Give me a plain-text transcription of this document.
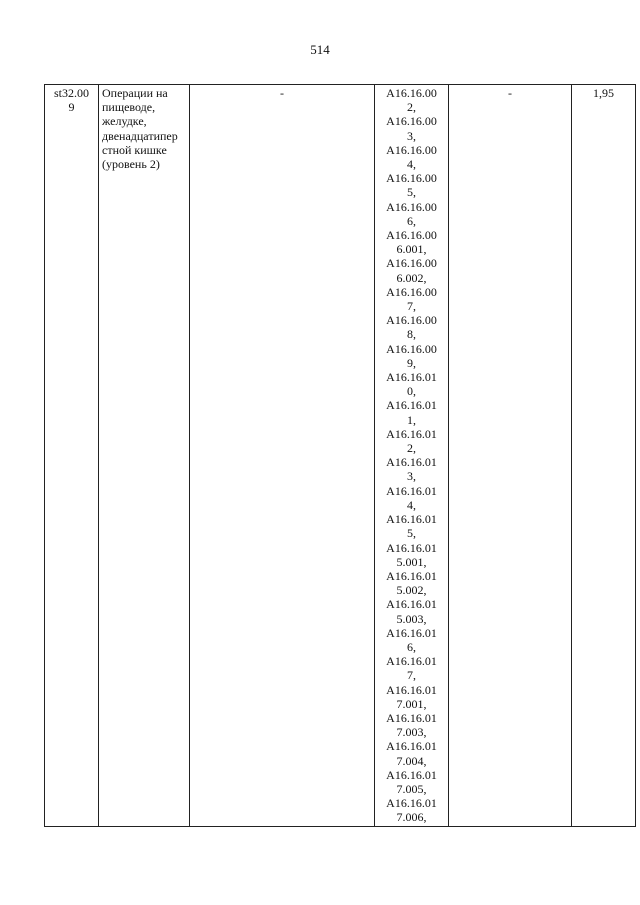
514
st32.00
9	Операции на
пищеводе,
желудке,
двенадцатипер
стной кишке
(уровень 2)	-	A16.16.00
2,
A16.16.00
3,
A16.16.00
4,
A16.16.00
5,
A16.16.00
6,
A16.16.00
6.001,
A16.16.00
6.002,
A16.16.00
7,
A16.16.00
8,
A16.16.00
9,
A16.16.01
0,
A16.16.01
1,
A16.16.01
2,
A16.16.01
3,
A16.16.01
4,
A16.16.01
5,
A16.16.01
5.001,
A16.16.01
5.002,
A16.16.01
5.003,
A16.16.01
6,
A16.16.01
7,
A16.16.01
7.001,
A16.16.01
7.003,
A16.16.01
7.004,
A16.16.01
7.005,
A16.16.01
7.006,
	-	1,95
